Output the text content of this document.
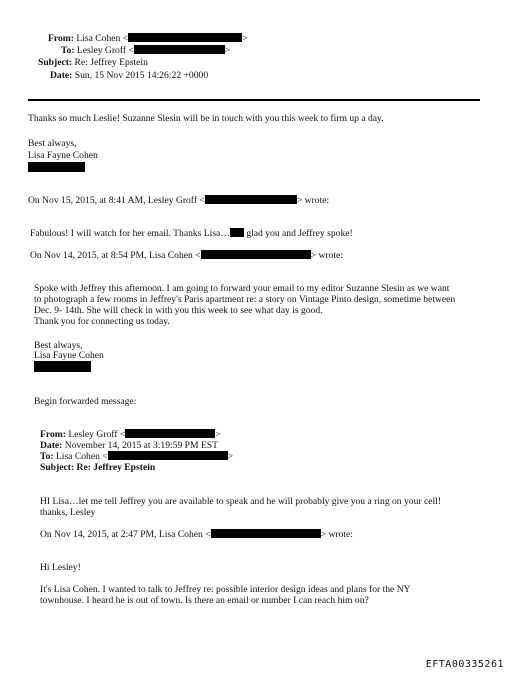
From: Lisa Cohen <	>
To: Lesley Groff <	>
Subject: Re: Jeffrey Epstein
Date: Sun, 15 Nov 2015 14:26:22 +0000
Thanks so much Leslie! Suzanne Slesin will be in touch with you this week to firm up a day.
Best always,
Lisa Fayne Cohen
On Nov 15, 2015, at 8:41 AM, Lesley Groff <	> wrote:
Fabulous! I will watch for her email. Thanks Lisa… glad you and Jeffrey spoke!
On Nov 14, 2015, at 8:54 PM, Lisa Cohen <	> wrote:
Spoke with Jeffrey this afternoon. I am going to forward your email to my editor Suzanne Slesin as we want
to photograph a few rooms in Jeffrey's Paris apartment re: a story on Vintage Pinto design, sometime between
Dec. 9- 14th. She will check in with you this week to see what day is good.
Thank you for connecting us today.
Best always,
Lisa Fayne Cohen
Begin forwarded message:
From: Lesley Groff <	>
Date: November 14, 2015 at 3:19:59 PM EST
To: Lisa Cohen <	>
Subject: Re: Jeffrey Epstein
HI Lisa…let me tell Jeffrey you are available to speak and he will probably give you a ring on your cell!
thanks, Lesley
On Nov 14, 2015, at 2:47 PM, Lisa Cohen <	> wrote:
Hi Lesley!
It's Lisa Cohen. I wanted to talk to Jeffrey re: possible interior design ideas and plans for the NY
townhouse. I heard he is out of town. Is there an email or number I can reach him on?
EFTA00335261
